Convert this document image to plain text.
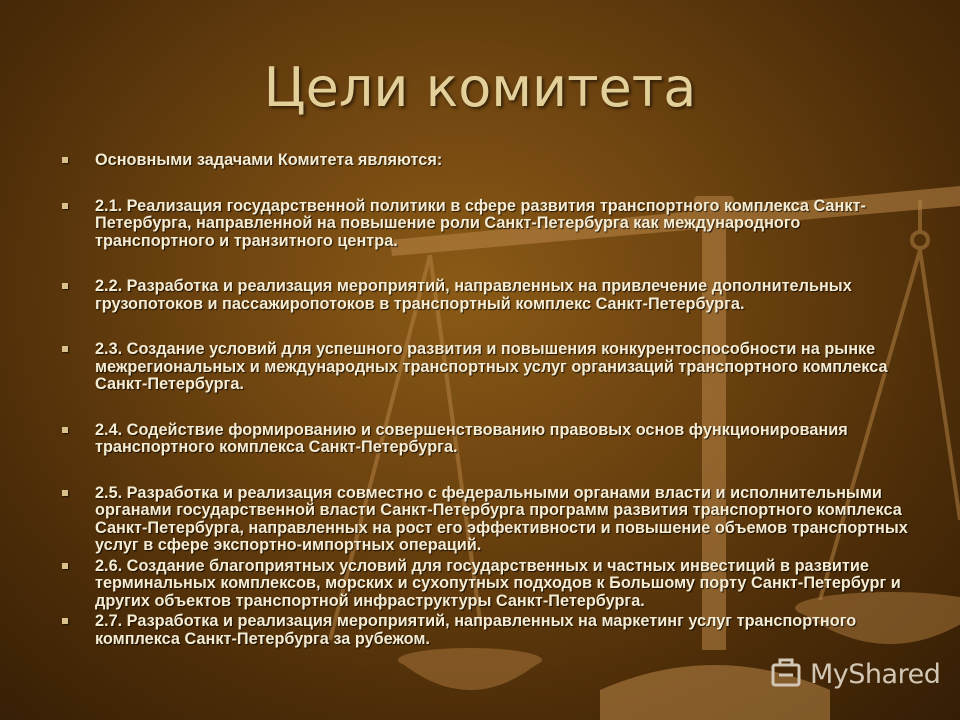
Цели комитета
Основными задачами Комитета являются:
2.1. Реализация государственной политики в сфере развития транспортного комплекса Санкт-Петербурга, направленной на повышение роли Санкт-Петербурга как международного транспортного и транзитного центра.
2.2. Разработка и реализация мероприятий, направленных на привлечение дополнительных грузопотоков и пассажиропотоков в транспортный комплекс Санкт-Петербурга.
2.3. Создание условий для успешного развития и повышения конкурентоспособности на рынке межрегиональных и международных транспортных услуг организаций транспортного комплекса Санкт-Петербурга.
2.4. Содействие формированию и совершенствованию правовых основ функционирования транспортного комплекса Санкт-Петербурга.
2.5. Разработка и реализация совместно с федеральными органами власти и исполнительными органами государственной власти Санкт-Петербурга программ развития транспортного комплекса Санкт-Петербурга, направленных на рост его эффективности и повышение объемов транспортных услуг в сфере экспортно-импортных операций.
2.6. Создание благоприятных условий для государственных и частных инвестиций в развитие терминальных комплексов, морских и сухопутных подходов к Большому порту Санкт-Петербург и других объектов транспортной инфраструктуры Санкт-Петербурга.
2.7. Разработка и реализация мероприятий, направленных на маркетинг услуг транспортного комплекса Санкт-Петербурга за рубежом.
MyShared
